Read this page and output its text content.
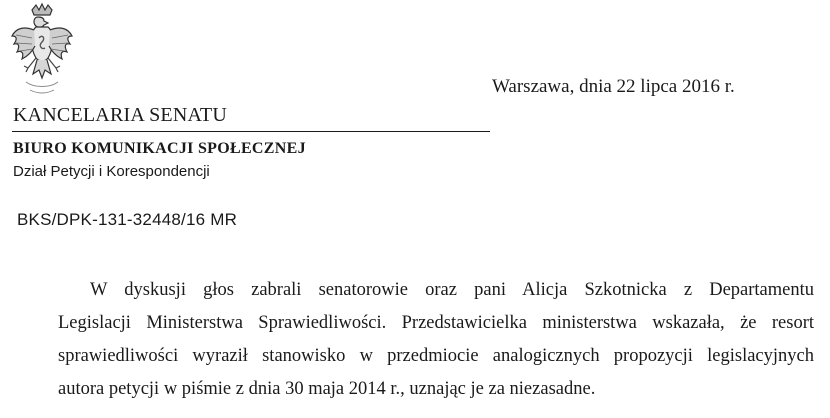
Warszawa, dnia 22 lipca 2016 r.
KANCELARIA SENATU
BIURO KOMUNIKACJI SPOŁECZNEJ
Dział Petycji i Korespondencji
BKS/DPK-131-32448/16 MR
W dyskusji głos zabrali senatorowie oraz pani Alicja Szkotnicka z Departamentu
Legislacji Ministerstwa Sprawiedliwości. Przedstawicielka ministerstwa wskazała, że resort
sprawiedliwości wyraził stanowisko w przedmiocie analogicznych propozycji legislacyjnych
autora petycji w piśmie z dnia 30 maja 2014 r., uznając je za niezasadne.
